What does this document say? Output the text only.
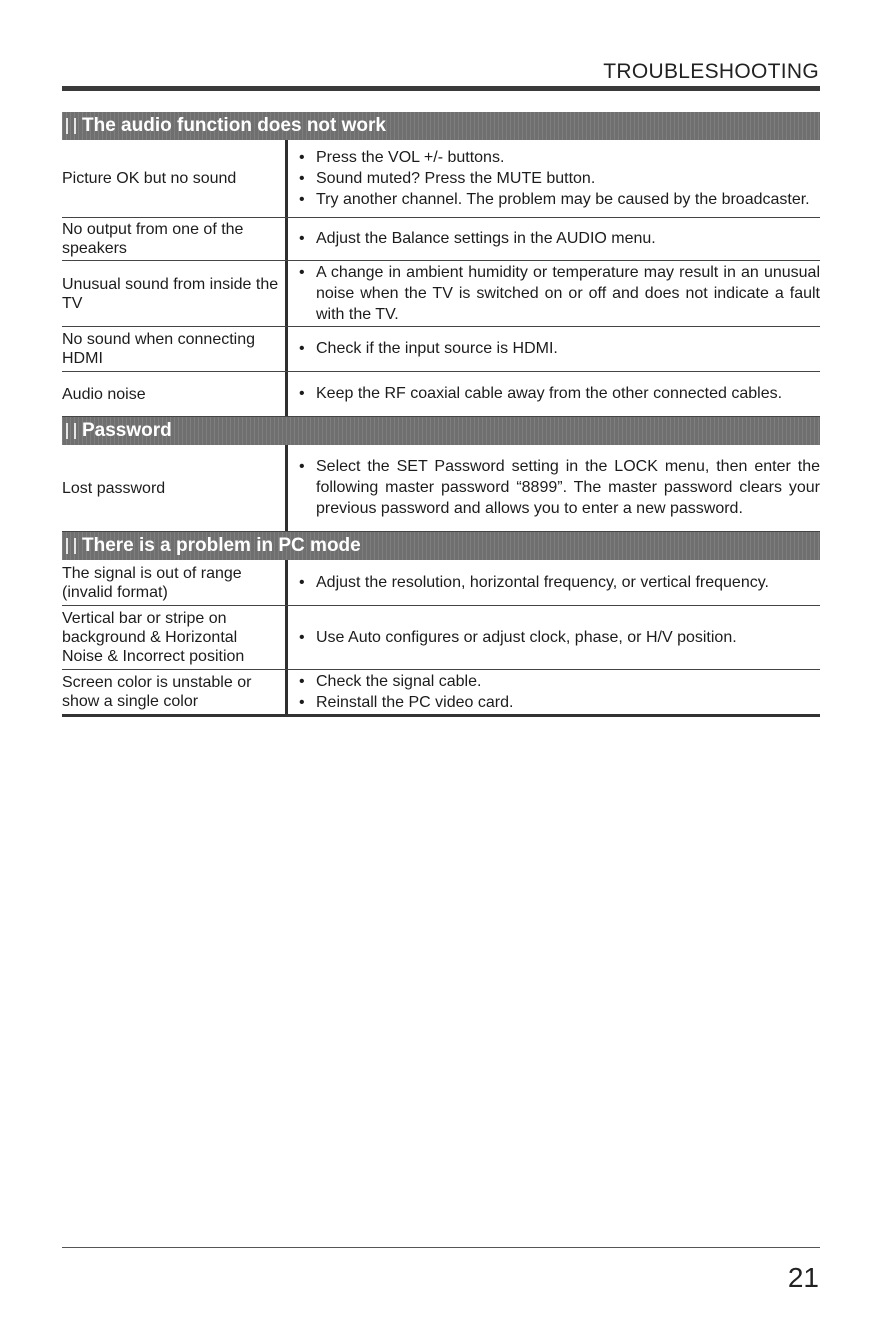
TROUBLESHOOTING
The audio function does not work
Picture OK but no sound
• Press the VOL +/- buttons.
• Sound muted? Press the MUTE button.
• Try another channel. The problem may be caused by the broadcaster.
No output from one of the speakers
• Adjust the Balance settings in the AUDIO menu.
Unusual sound from inside the TV
• A change in ambient humidity or temperature may result in an unusual noise when the TV is switched on or off and does not indicate a fault with the TV.
No sound when connecting HDMI
• Check if the input source is HDMI.
Audio noise
•	Keep the RF coaxial cable away from the other connected cables.
Password
Lost password
• Select the SET Password setting in the LOCK menu, then enter the following master password “8899”. The master password clears your previous password and allows you to enter a new password.
There is a problem in PC mode
The signal is out of range (invalid format)
• Adjust the resolution, horizontal frequency, or vertical frequency.
Vertical bar or stripe on background & Horizontal Noise & Incorrect position
• Use Auto configures or adjust clock, phase, or H/V position.
Screen color is unstable or show a single color
• Check the signal cable.
• Reinstall the PC video card.
21
